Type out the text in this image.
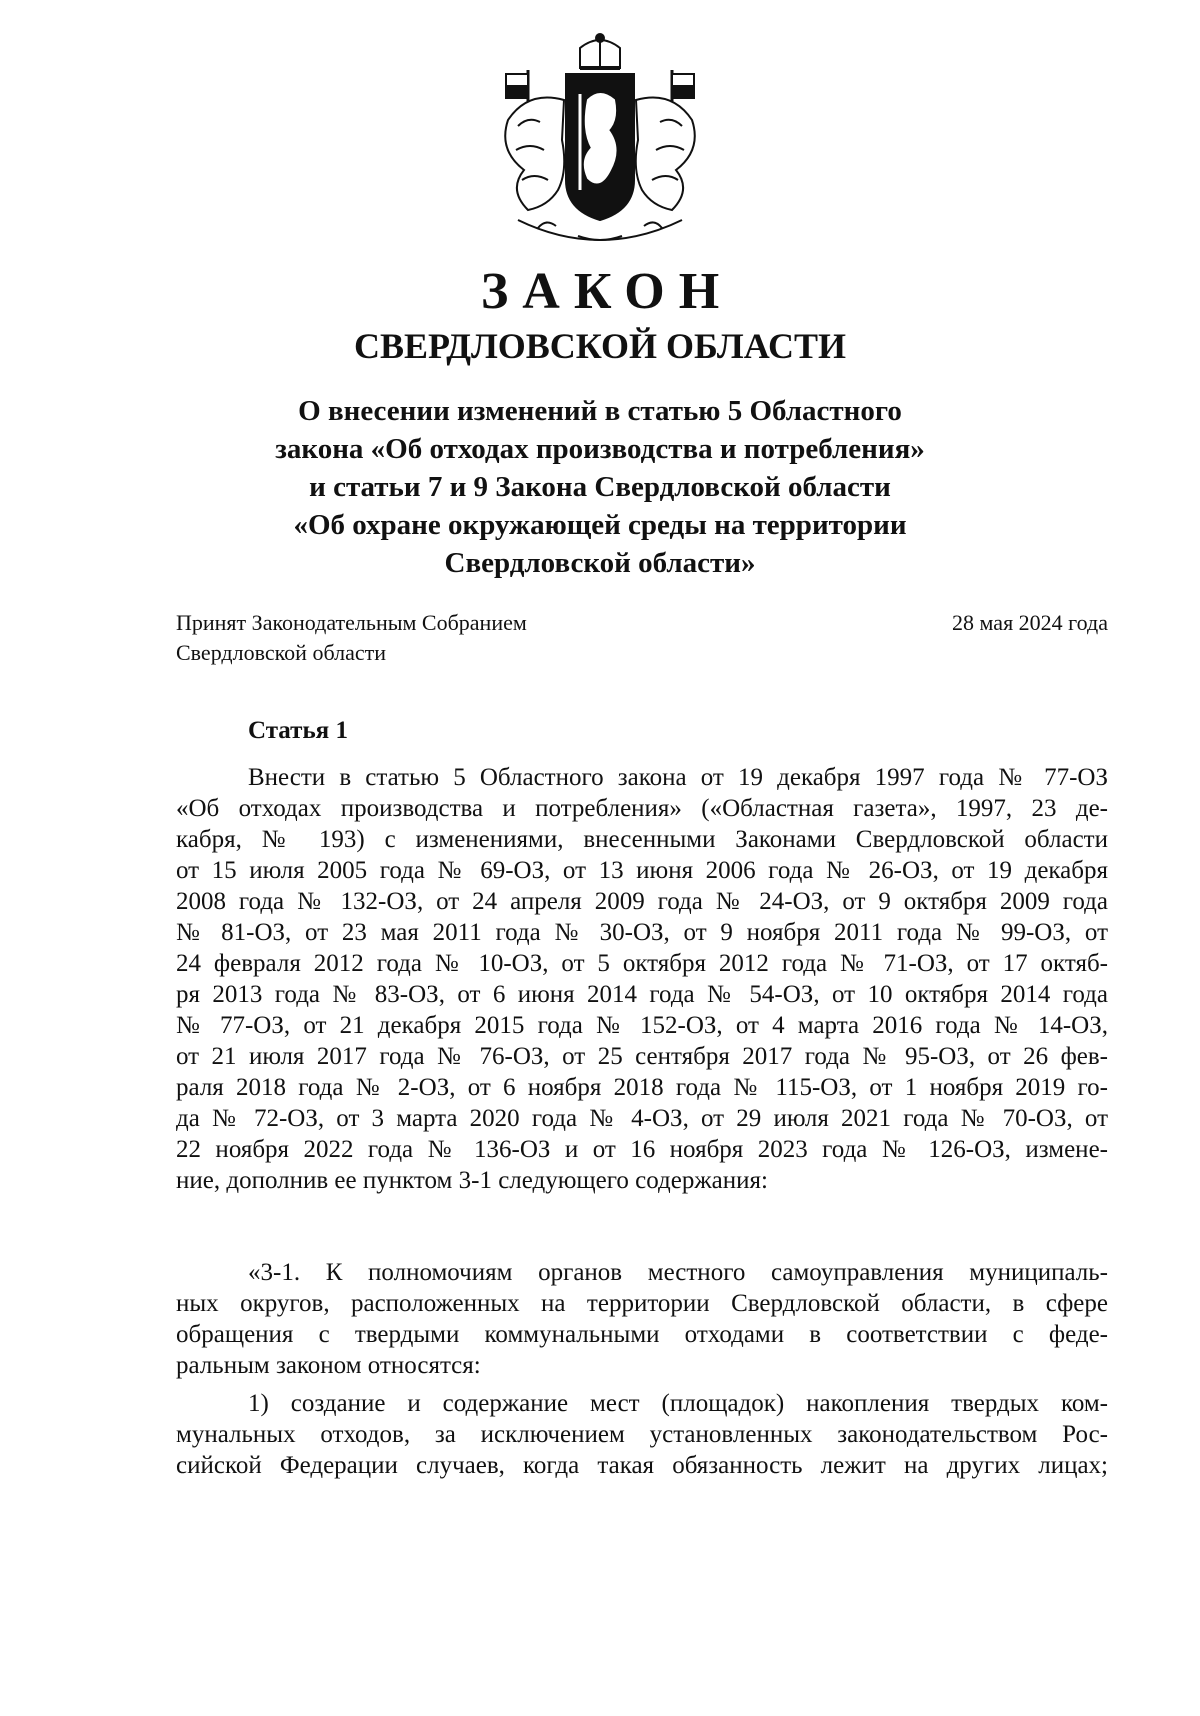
ЗАКОН
СВЕРДЛОВСКОЙ ОБЛАСТИ
О внесении изменений в статью 5 Областного
закона «Об отходах производства и потребления»
и статьи 7 и 9 Закона Свердловской области
«Об охране окружающей среды на территории
Свердловской области»
Принят Законодательным Собранием
Свердловской области
28 мая 2024 года
Статья 1
Внести в статью 5 Областного закона от 19 декабря 1997 года № 77-ОЗ
«Об отходах производства и потребления» («Областная газета», 1997, 23 де-
кабря, № 193) с изменениями, внесенными Законами Свердловской области
от 15 июля 2005 года № 69-ОЗ, от 13 июня 2006 года № 26-ОЗ, от 19 декабря
2008 года № 132-ОЗ, от 24 апреля 2009 года № 24-ОЗ, от 9 октября 2009 года
№ 81-ОЗ, от 23 мая 2011 года № 30-ОЗ, от 9 ноября 2011 года № 99-ОЗ, от
24 февраля 2012 года № 10-ОЗ, от 5 октября 2012 года № 71-ОЗ, от 17 октяб-
ря 2013 года № 83-ОЗ, от 6 июня 2014 года № 54-ОЗ, от 10 октября 2014 года
№ 77-ОЗ, от 21 декабря 2015 года № 152-ОЗ, от 4 марта 2016 года № 14-ОЗ,
от 21 июля 2017 года № 76-ОЗ, от 25 сентября 2017 года № 95-ОЗ, от 26 фев-
раля 2018 года № 2-ОЗ, от 6 ноября 2018 года № 115-ОЗ, от 1 ноября 2019 го-
да № 72-ОЗ, от 3 марта 2020 года № 4-ОЗ, от 29 июля 2021 года № 70-ОЗ, от
22 ноября 2022 года № 136-ОЗ и от 16 ноября 2023 года № 126-ОЗ, измене-
ние, дополнив ее пунктом 3-1 следующего содержания:
«3-1. К полномочиям органов местного самоуправления муниципаль-
ных округов, расположенных на территории Свердловской области, в сфере
обращения с твердыми коммунальными отходами в соответствии с феде-
ральным законом относятся:
1) создание и содержание мест (площадок) накопления твердых ком-
мунальных отходов, за исключением установленных законодательством Рос-
сийской Федерации случаев, когда такая обязанность лежит на других лицах;
